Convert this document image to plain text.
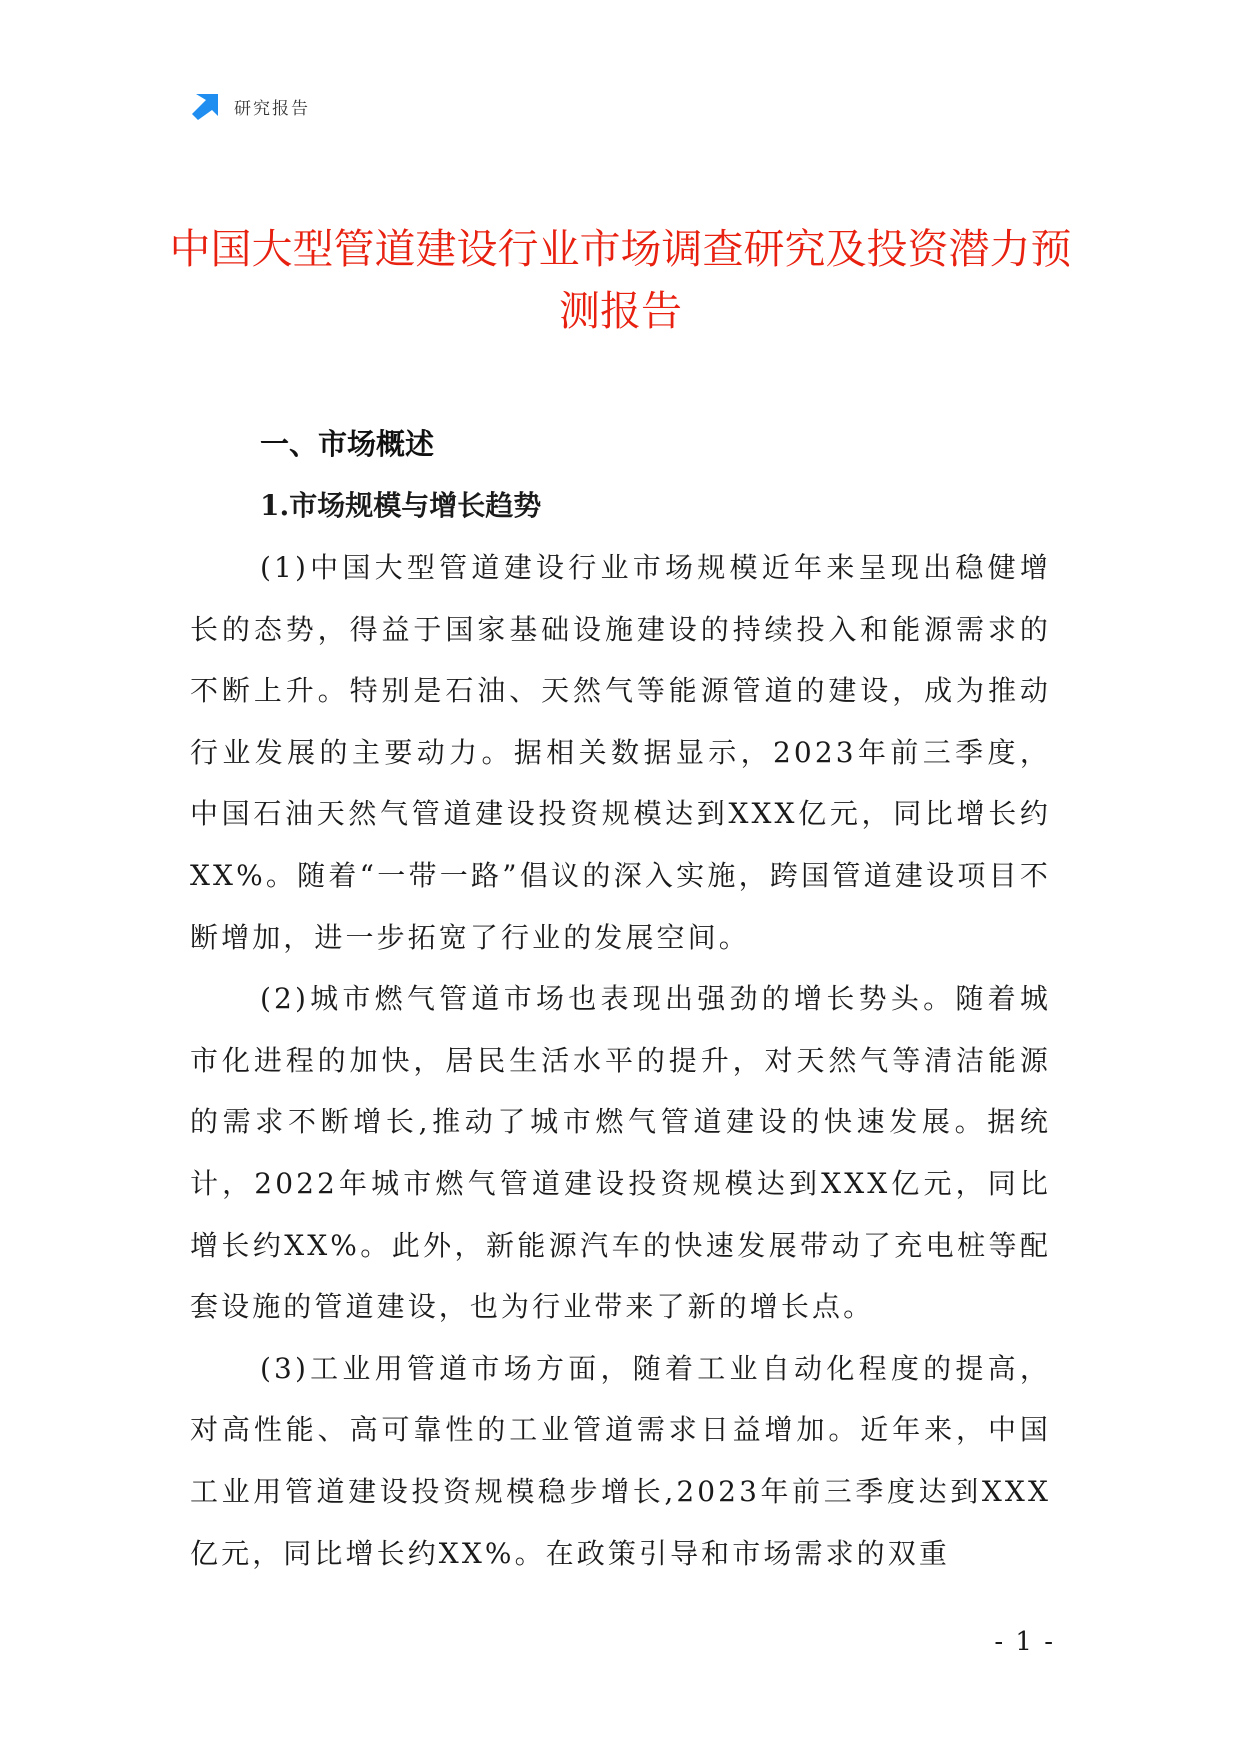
研究报告
中国大型管道建设行业市场调查研究及投资潜力预测报告
一、市场概述
1.市场规模与增长趋势

(1)中国大型管道建设行业市场规模近年来呈现出稳健增长的态势，得益于国家基础设施建设的持续投入和能源需求的不断上升。特别是石油、天然气等能源管道的建设，成为推动行业发展的主要动力。据相关数据显示，2023年前三季度，中国石油天然气管道建设投资规模达到XXX亿元，同比增长约XX%。随着“一带一路”倡议的深入实施，跨国管道建设项目不断增加，进一步拓宽了行业的发展空间。

(2)城市燃气管道市场也表现出强劲的增长势头。随着城市化进程的加快，居民生活水平的提升，对天然气等清洁能源的需求不断增长,推动了城市燃气管道建设的快速发展。据统计，2022年城市燃气管道建设投资规模达到XXX亿元，同比增长约XX%。此外，新能源汽车的快速发展带动了充电桩等配套设施的管道建设，也为行业带来了新的增长点。

(3)工业用管道市场方面，随着工业自动化程度的提高，对高性能、高可靠性的工业管道需求日益增加。近年来，中国工业用管道建设投资规模稳步增长,2023年前三季度达到XXX亿元，同比增长约XX%。在政策引导和市场需求的双重

- 1 -
